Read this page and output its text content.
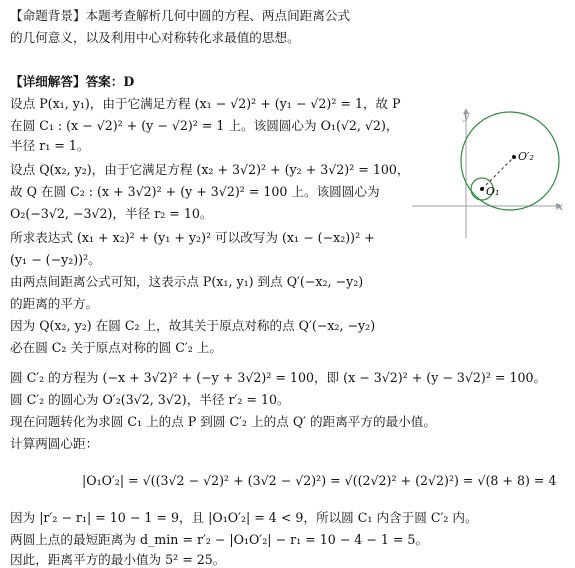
【命题背景】本题考查解析几何中圆的方程、两点间距离公式
的几何意义，以及利用中心对称转化求最值的思想。
【详细解答】答案：D
设点 P(x₁, y₁)，由于它满足方程 (x₁ − √2)² + (y₁ − √2)² = 1，故 P
在圆 C₁ : (x − √2)² + (y − √2)² = 1 上。该圆圆心为 O₁(√2, √2)，
半径 r₁ = 1。
设点 Q(x₂, y₂)，由于它满足方程 (x₂ + 3√2)² + (y₂ + 3√2)² = 100，
故 Q 在圆 C₂ : (x + 3√2)² + (y + 3√2)² = 100 上。该圆圆心为
O₂(−3√2, −3√2)，半径 r₂ = 10。
所求表达式 (x₁ + x₂)² + (y₁ + y₂)² 可以改写为 (x₁ − (−x₂))² +
(y₁ − (−y₂))²。
由两点间距离公式可知，这表示点 P(x₁, y₁) 到点 Q′(−x₂, −y₂)
的距离的平方。
因为 Q(x₂, y₂) 在圆 C₂ 上，故其关于原点对称的点 Q′(−x₂, −y₂)
必在圆 C₂ 关于原点对称的圆 C′₂ 上。
圆 C′₂ 的方程为 (−x + 3√2)² + (−y + 3√2)² = 100，即 (x − 3√2)² + (y − 3√2)² = 100。
圆 C′₂ 的圆心为 O′₂(3√2, 3√2)，半径 r′₂ = 10。
现在问题转化为求圆 C₁ 上的点 P 到圆 C′₂ 上的点 Q′ 的距离平方的最小值。
计算两圆心距：
|O₁O′₂| = √((3√2 − √2)² + (3√2 − √2)²) = √((2√2)² + (2√2)²) = √(8 + 8) = 4
因为 |r′₂ − r₁| = 10 − 1 = 9，且 |O₁O′₂| = 4 < 9，所以圆 C₁ 内含于圆 C′₂ 内。
两圆上点的最短距离为 d_min = r′₂ − |O₁O′₂| − r₁ = 10 − 4 − 1 = 5。
因此，距离平方的最小值为 5² = 25。
x
y
O′₂
O₁
